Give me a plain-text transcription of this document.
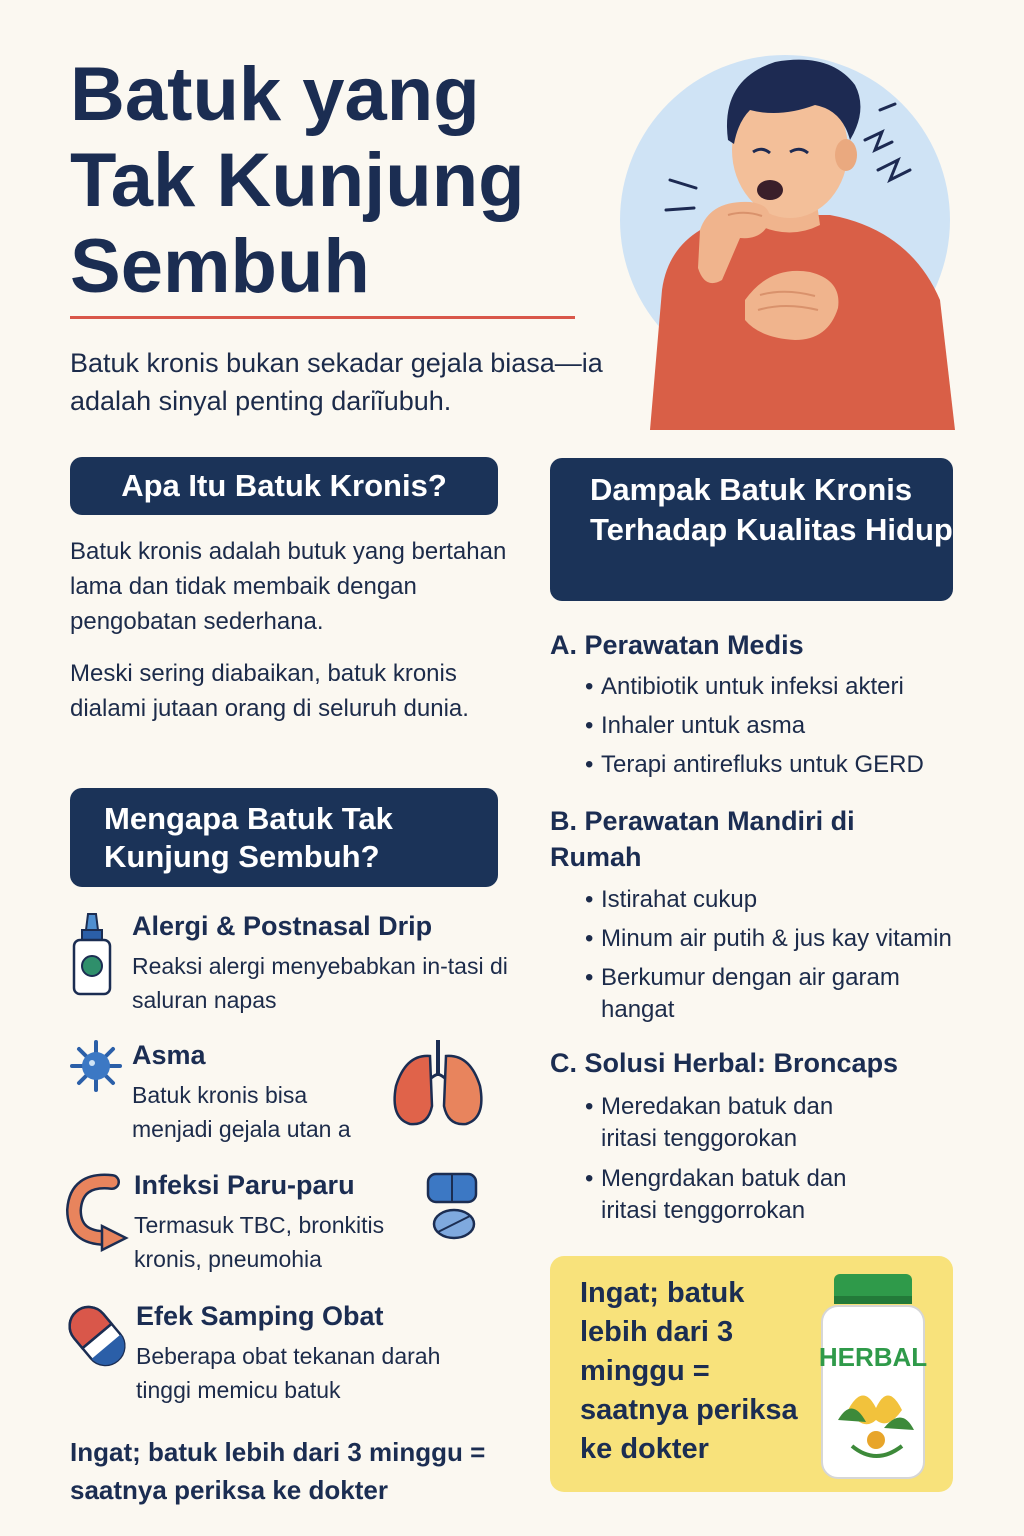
Batuk yang Tak Kunjung Sembuh
Batuk kronis bukan sekadar gejala biasa—ia adalah sinyal penting dariĩubuh.
Apa Itu Batuk Kronis?
Batuk kronis adalah butuk yang bertahan lama dan tidak membaik dengan pengobatan sederhana.
Meski sering diabaikan, batuk kronis dialami jutaan orang di seluruh dunia.
Mengapa Batuk Tak Kunjung Sembuh?
Alergi & Postnasal Drip
Reaksi alergi menyebabkan in-tasi di saluran napas
Asma
Batuk kronis bisa menjadi gejala utan a
Infeksi Paru-paru
Termasuk TBC, bronkitis kronis, pneumohia
Efek Samping Obat
Beberapa obat tekanan darah tinggi memicu batuk
Ingat; batuk lebih dari 3 minggu = saatnya periksa ke dokter
Dampak Batuk Kronis Terhadap Kualitas Hidup
A. Perawatan Medis
• Antibiotik untuk infeksi akteri
• Inhaler untuk asma
• Terapi antirefluks untuk GERD
B. Perawatan Mandiri di Rumah
• Istirahat cukup
• Minum air putih & jus kay vitamin
• Berkumur dengan air garam hangat
C. Solusi Herbal: Broncaps
• Meredakan batuk dan iritasi tenggorokan
• Mengrdakan batuk dan iritasi tenggorrokan
Ingat; batuk lebih dari 3 minggu = saatnya periksa ke dokter
HERBAL
